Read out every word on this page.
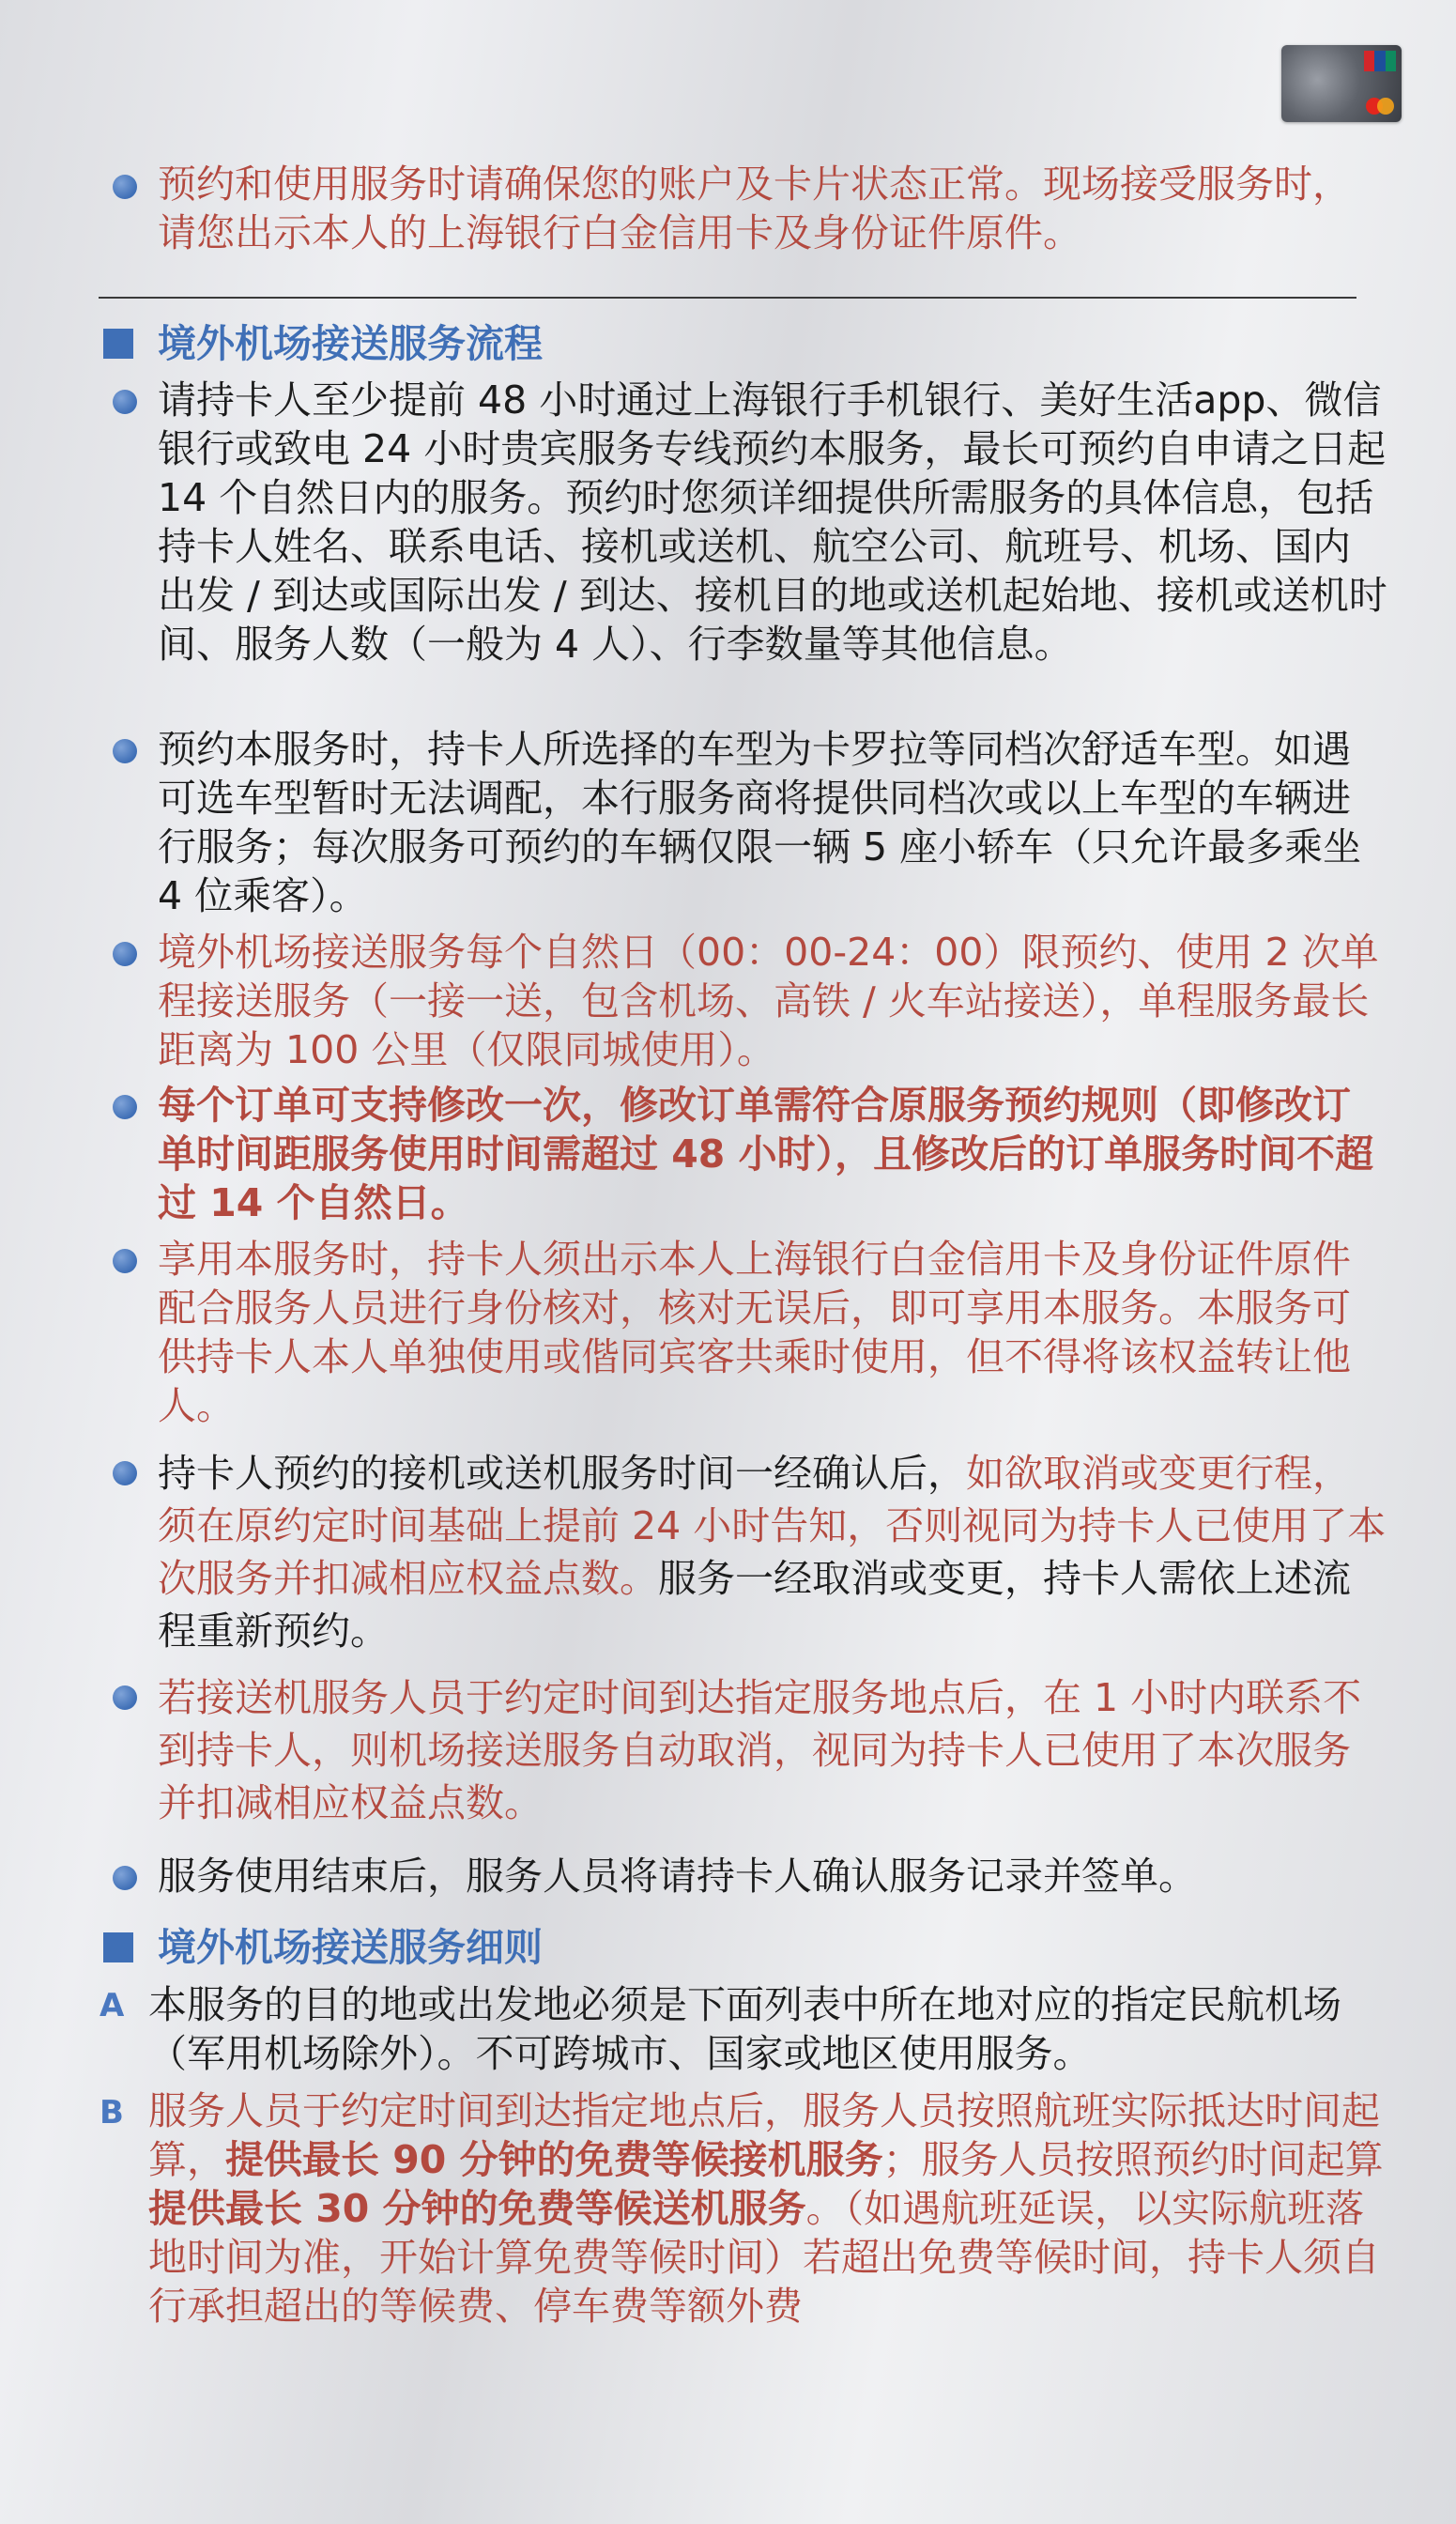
预约和使用服务时请确保您的账户及卡片状态正常。现场接受服务时，请您出示本人的上海银行白金信用卡及身份证件原件。
境外机场接送服务流程
请持卡人至少提前 48 小时通过上海银行手机银行、美好生活app、微信银行或致电 24 小时贵宾服务专线预约本服务，最长可预约自申请之日起 14 个自然日内的服务。预约时您须详细提供所需服务的具体信息，包括持卡人姓名、联系电话、接机或送机、航空公司、航班号、机场、国内出发 / 到达或国际出发 / 到达、接机目的地或送机起始地、接机或送机时间、服务人数（一般为 4 人）、行李数量等其他信息。
预约本服务时，持卡人所选择的车型为卡罗拉等同档次舒适车型。如遇可选车型暂时无法调配，本行服务商将提供同档次或以上车型的车辆进行服务；每次服务可预约的车辆仅限一辆 5 座小轿车（只允许最多乘坐 4 位乘客）。
境外机场接送服务每个自然日（00：00-24：00）限预约、使用 2 次单程接送服务（一接一送，包含机场、高铁 / 火车站接送），单程服务最长距离为 100 公里（仅限同城使用）。
每个订单可支持修改一次，修改订单需符合原服务预约规则（即修改订单时间距服务使用时间需超过 48 小时），且修改后的订单服务时间不超过 14 个自然日。
享用本服务时，持卡人须出示本人上海银行白金信用卡及身份证件原件配合服务人员进行身份核对，核对无误后，即可享用本服务。本服务可供持卡人本人单独使用或偕同宾客共乘时使用，但不得将该权益转让他人。
持卡人预约的接机或送机服务时间一经确认后，如欲取消或变更行程，须在原约定时间基础上提前 24 小时告知，否则视同为持卡人已使用了本次服务并扣减相应权益点数。服务一经取消或变更，持卡人需依上述流程重新预约。
若接送机服务人员于约定时间到达指定服务地点后，在 1 小时内联系不到持卡人，则机场接送服务自动取消，视同为持卡人已使用了本次服务并扣减相应权益点数。
服务使用结束后，服务人员将请持卡人确认服务记录并签单。
境外机场接送服务细则
A 本服务的目的地或出发地必须是下面列表中所在地对应的指定民航机场（军用机场除外）。不可跨城市、国家或地区使用服务。
B 服务人员于约定时间到达指定地点后，服务人员按照航班实际抵达时间起算，提供最长 90 分钟的免费等候接机服务；服务人员按照预约时间起算提供最长 30 分钟的免费等候送机服务。（如遇航班延误，以实际航班落地时间为准，开始计算免费等候时间）若超出免费等候时间，持卡人须自行承担超出的等候费、停车费等额外费
